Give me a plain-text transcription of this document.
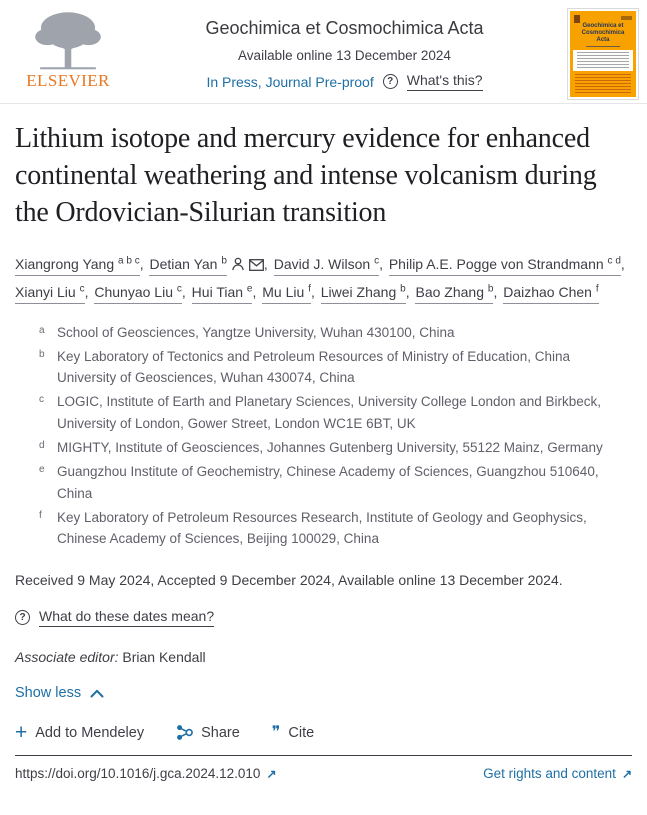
ELSEVIER
Geochimica et Cosmochimica Acta
Available online 13 December 2024
In Press, Journal Pre-proof	? What's this?
Geochimica et Cosmochimica Acta
Lithium isotope and mercury evidence for enhanced continental weathering and intense volcanism during the Ordovician-Silurian transition
Xiangrong Yang $^{a b c}$, Detian Yan $^b$	, David J. Wilson $^c$, Philip A.E. Pogge von Strandmann $^{c d}$, Xianyi Liu $^c$, Chunyao Liu $^c$, Hui Tian $^e$, Mu Liu $^f$, Liwei Zhang $^b$, Bao Zhang $^b$, Daizhao Chen $^f$
a School of Geosciences, Yangtze University, Wuhan 430100, China
b Key Laboratory of Tectonics and Petroleum Resources of Ministry of Education, China University of Geosciences, Wuhan 430074, China
c LOGIC, Institute of Earth and Planetary Sciences, University College London and Birkbeck, University of London, Gower Street, London WC1E 6BT, UK
d MIGHTY, Institute of Geosciences, Johannes Gutenberg University, 55122 Mainz, Germany
e Guangzhou Institute of Geochemistry, Chinese Academy of Sciences, Guangzhou 510640, China
f Key Laboratory of Petroleum Resources Research, Institute of Geology and Geophysics, Chinese Academy of Sciences, Beijing 100029, China

Received 9 May 2024, Accepted 9 December 2024, Available online 13 December 2024.

? What do these dates mean?

Associate editor: Brian Kendall

Show less
+ Add to Mendeley	Share ❞ Cite
https://doi.org/10.1016/j.gca.2024.12.010 ↗	Get rights and content ↗
